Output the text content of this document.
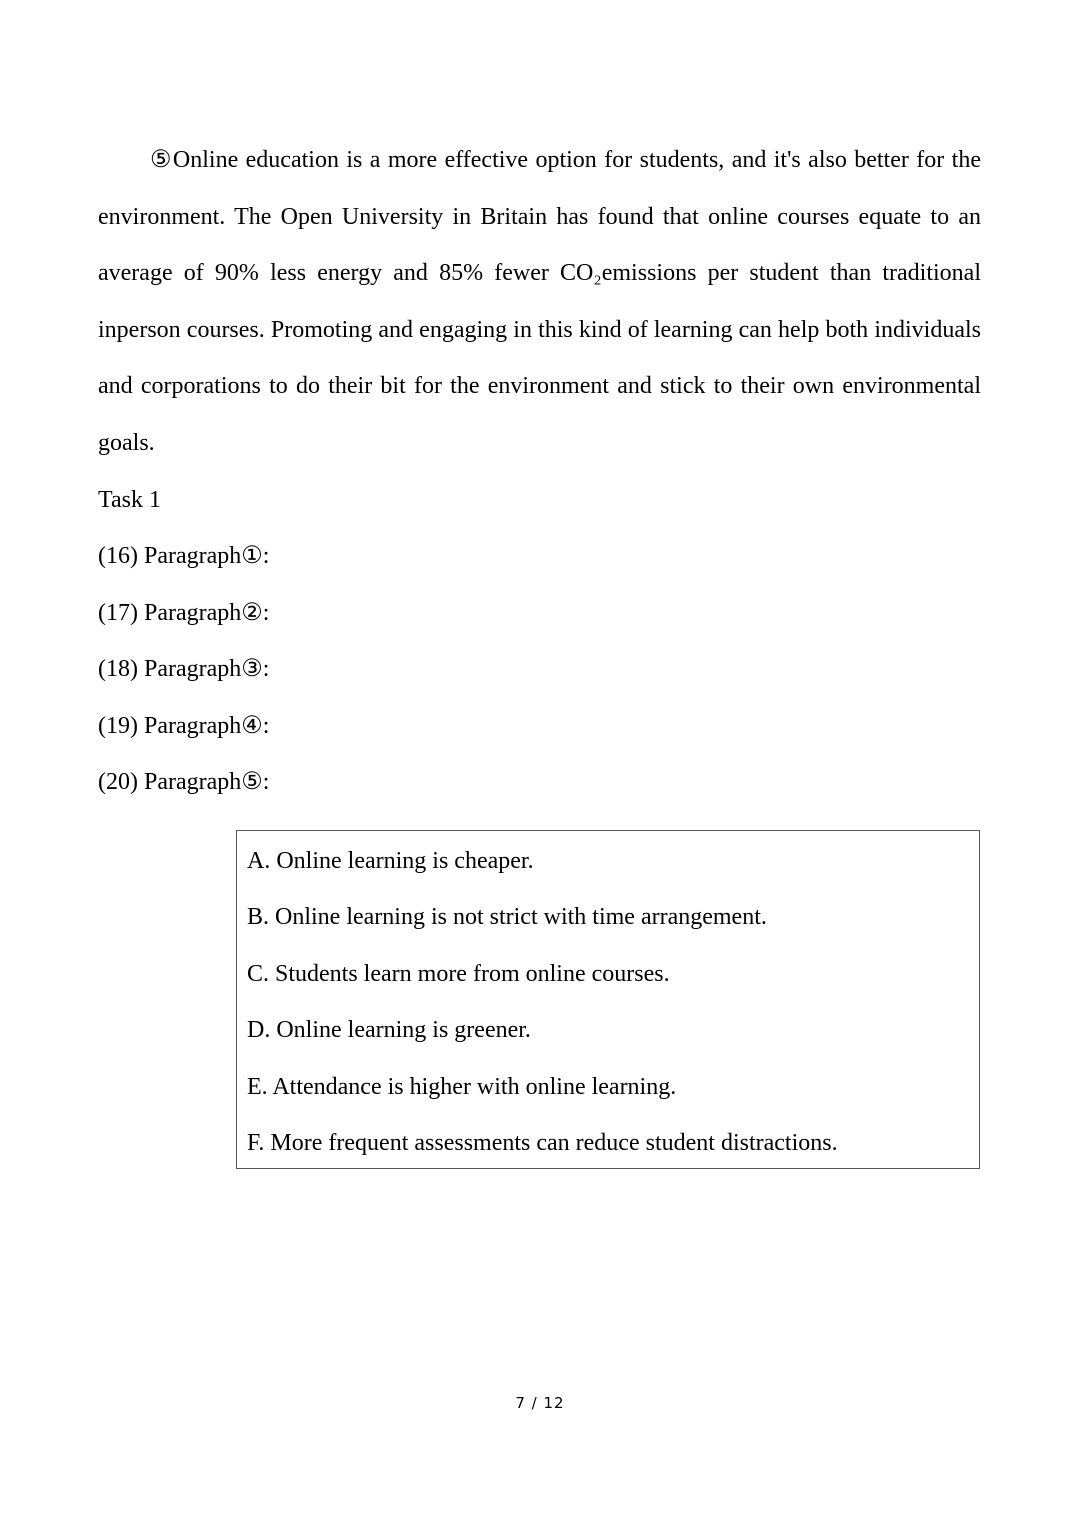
⑤Online education is a more effective option for students, and it's also better for the environment. The Open University in Britain has found that online courses equate to an average of 90% less energy and 85% fewer CO₂emissions per student than traditional inperson courses. Promoting and engaging in this kind of learning can help both individuals and corporations to do their bit for the environment and stick to their own environmental goals.

Task 1

(16) Paragraph①:

(17) Paragraph②:

(18) Paragraph③:

(19) Paragraph④:

(20) Paragraph⑤:

A. Online learning is cheaper.

B. Online learning is not strict with time arrangement.

C. Students learn more from online courses.

D. Online learning is greener.

E. Attendance is higher with online learning.

F. More frequent assessments can reduce student distractions.

7 / 12
